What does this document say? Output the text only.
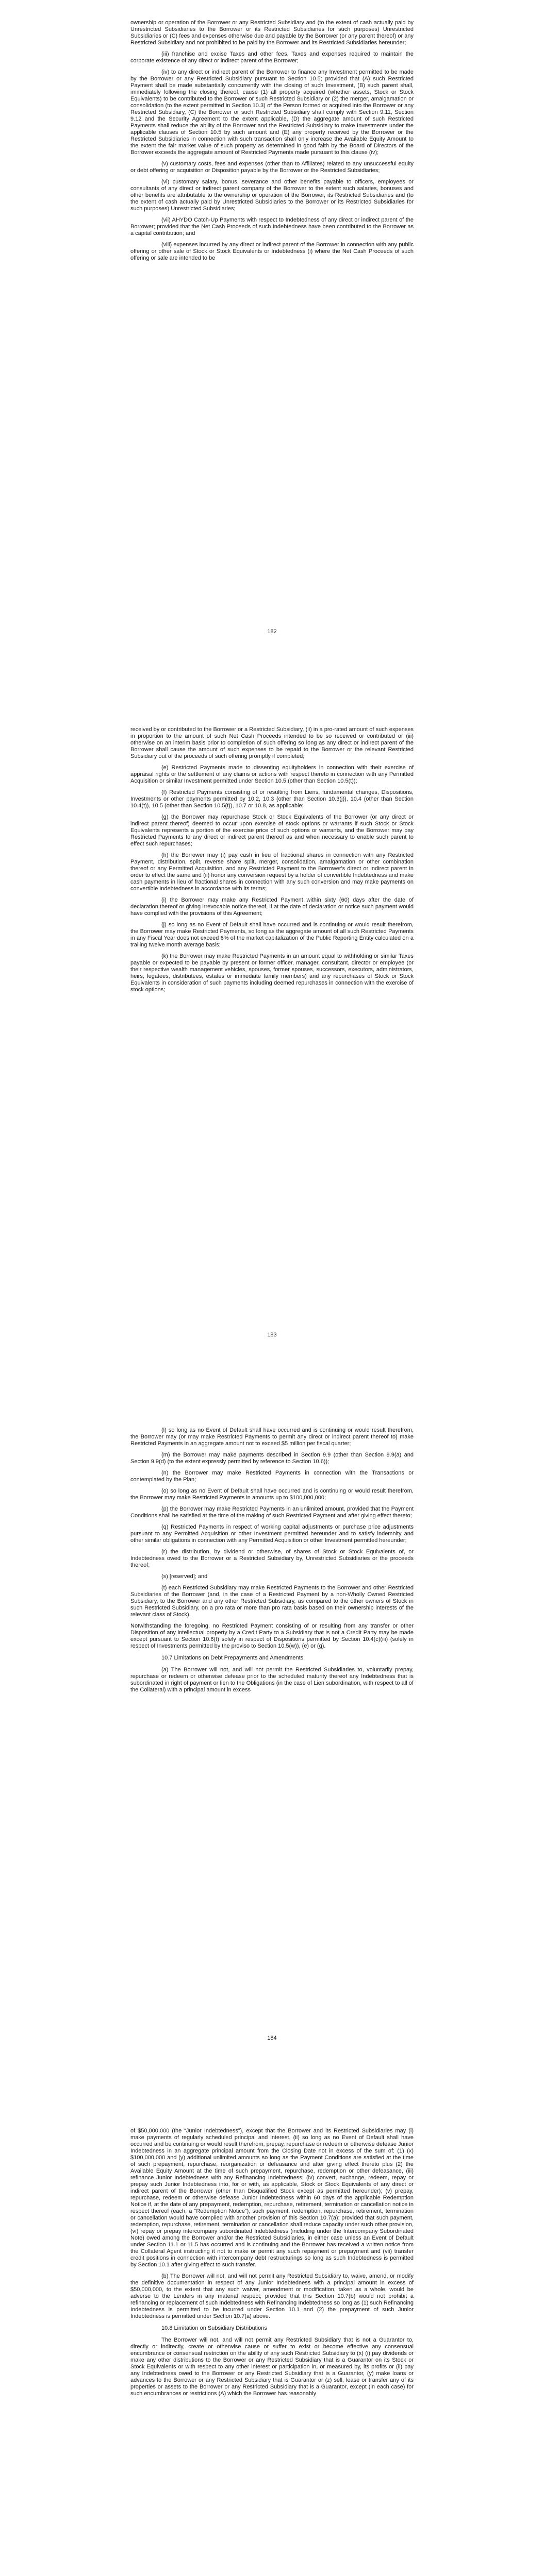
ownership or operation of the Borrower or any Restricted Subsidiary and (to the extent of cash actually paid by Unrestricted Subsidiaries to the Borrower or its Restricted Subsidiaries for such purposes) Unrestricted Subsidiaries or (C) fees and expenses otherwise due and payable by the Borrower (or any parent thereof) or any Restricted Subsidiary and not prohibited to be paid by the Borrower and its Restricted Subsidiaries hereunder;

(iii) franchise and excise Taxes and other fees, Taxes and expenses required to maintain the corporate existence of any direct or indirect parent of the Borrower;

(iv) to any direct or indirect parent of the Borrower to finance any Investment permitted to be made by the Borrower or any Restricted Subsidiary pursuant to Section 10.5; provided that (A) such Restricted Payment shall be made substantially concurrently with the closing of such Investment, (B) such parent shall, immediately following the closing thereof, cause (1) all property acquired (whether assets, Stock or Stock Equivalents) to be contributed to the Borrower or such Restricted Subsidiary or (2) the merger, amalgamation or consolidation (to the extent permitted in Section 10.3) of the Person formed or acquired into the Borrower or any Restricted Subsidiary, (C) the Borrower or such Restricted Subsidiary shall comply with Section 9.11, Section 9.12 and the Security Agreement to the extent applicable, (D) the aggregate amount of such Restricted Payments shall reduce the ability of the Borrower and the Restricted Subsidiary to make Investments under the applicable clauses of Section 10.5 by such amount and (E) any property received by the Borrower or the Restricted Subsidiaries in connection with such transaction shall only increase the Available Equity Amount to the extent the fair market value of such property as determined in good faith by the Board of Directors of the Borrower exceeds the aggregate amount of Restricted Payments made pursuant to this clause (iv);

(v) customary costs, fees and expenses (other than to Affiliates) related to any unsuccessful equity or debt offering or acquisition or Disposition payable by the Borrower or the Restricted Subsidiaries;

(vi) customary salary, bonus, severance and other benefits payable to officers, employees or consultants of any direct or indirect parent company of the Borrower to the extent such salaries, bonuses and other benefits are attributable to the ownership or operation of the Borrower, its Restricted Subsidiaries and (to the extent of cash actually paid by Unrestricted Subsidiaries to the Borrower or its Restricted Subsidiaries for such purposes) Unrestricted Subsidiaries;

(vii) AHYDO Catch-Up Payments with respect to Indebtedness of any direct or indirect parent of the Borrower; provided that the Net Cash Proceeds of such Indebtedness have been contributed to the Borrower as a capital contribution; and

(viii) expenses incurred by any direct or indirect parent of the Borrower in connection with any public offering or other sale of Stock or Stock Equivalents or Indebtedness (i) where the Net Cash Proceeds of such offering or sale are intended to be

182

received by or contributed to the Borrower or a Restricted Subsidiary, (ii) in a pro-rated amount of such expenses in proportion to the amount of such Net Cash Proceeds intended to be so received or contributed or (iii) otherwise on an interim basis prior to completion of such offering so long as any direct or indirect parent of the Borrower shall cause the amount of such expenses to be repaid to the Borrower or the relevant Restricted Subsidiary out of the proceeds of such offering promptly if completed;

(e) Restricted Payments made to dissenting equityholders in connection with their exercise of appraisal rights or the settlement of any claims or actions with respect thereto in connection with any Permitted Acquisition or similar Investment permitted under Section 10.5 (other than Section 10.5(t));

(f) Restricted Payments consisting of or resulting from Liens, fundamental changes, Dispositions, Investments or other payments permitted by 10.2, 10.3 (other than Section 10.3(j)), 10.4 (other than Section 10.4(t)), 10.5 (other than Section 10.5(t)), 10.7 or 10.8, as applicable;

(g) the Borrower may repurchase Stock or Stock Equivalents of the Borrower (or any direct or indirect parent thereof) deemed to occur upon exercise of stock options or warrants if such Stock or Stock Equivalents represents a portion of the exercise price of such options or warrants, and the Borrower may pay Restricted Payments to any direct or indirect parent thereof as and when necessary to enable such parent to effect such repurchases;

(h) the Borrower may (i) pay cash in lieu of fractional shares in connection with any Restricted Payment, distribution, split, reverse share split, merger, consolidation, amalgamation or other combination thereof or any Permitted Acquisition, and any Restricted Payment to the Borrower's direct or indirect parent in order to effect the same and (ii) honor any conversion request by a holder of convertible Indebtedness and make cash payments in lieu of fractional shares in connection with any such conversion and may make payments on convertible Indebtedness in accordance with its terms;

(i) the Borrower may make any Restricted Payment within sixty (60) days after the date of declaration thereof or giving irrevocable notice thereof, if at the date of declaration or notice such payment would have complied with the provisions of this Agreement;

(j) so long as no Event of Default shall have occurred and is continuing or would result therefrom, the Borrower may make Restricted Payments, so long as the aggregate amount of all such Restricted Payments in any Fiscal Year does not exceed 6% of the market capitalization of the Public Reporting Entity calculated on a trailing twelve month average basis;

(k) the Borrower may make Restricted Payments in an amount equal to withholding or similar Taxes payable or expected to be payable by present or former officer, manager, consultant, director or employee (or their respective wealth management vehicles, spouses, former spouses, successors, executors, administrators, heirs, legatees, distributees, estates or immediate family members) and any repurchases of Stock or Stock Equivalents in consideration of such payments including deemed repurchases in connection with the exercise of stock options;

183

(l) so long as no Event of Default shall have occurred and is continuing or would result therefrom, the Borrower may (or may make Restricted Payments to permit any direct or indirect parent thereof to) make Restricted Payments in an aggregate amount not to exceed $5 million per fiscal quarter;

(m) the Borrower may make payments described in Section 9.9 (other than Section 9.9(a) and Section 9.9(d) (to the extent expressly permitted by reference to Section 10.6));

(n) the Borrower may make Restricted Payments in connection with the Transactions or contemplated by the Plan;

(o) so long as no Event of Default shall have occurred and is continuing or would result therefrom, the Borrower may make Restricted Payments in amounts up to $100,000,000;

(p) the Borrower may make Restricted Payments in an unlimited amount, provided that the Payment Conditions shall be satisfied at the time of the making of such Restricted Payment and after giving effect thereto;

(q) Restricted Payments in respect of working capital adjustments or purchase price adjustments pursuant to any Permitted Acquisition or other Investment permitted hereunder and to satisfy indemnity and other similar obligations in connection with any Permitted Acquisition or other Investment permitted hereunder;

(r) the distribution, by dividend or otherwise, of shares of Stock or Stock Equivalents of, or Indebtedness owed to the Borrower or a Restricted Subsidiary by, Unrestricted Subsidiaries or the proceeds thereof;

(s) [reserved]; and

(t) each Restricted Subsidiary may make Restricted Payments to the Borrower and other Restricted Subsidiaries of the Borrower (and, in the case of a Restricted Payment by a non-Wholly Owned Restricted Subsidiary, to the Borrower and any other Restricted Subsidiary, as compared to the other owners of Stock in such Restricted Subsidiary, on a pro rata or more than pro rata basis based on their ownership interests of the relevant class of Stock).

Notwithstanding the foregoing, no Restricted Payment consisting of or resulting from any transfer or other Disposition of any intellectual property by a Credit Party to a Subsidiary that is not a Credit Party may be made except pursuant to Section 10.6(f) solely in respect of Dispositions permitted by Section 10.4(c)(iii) (solely in respect of Investments permitted by the proviso to Section 10.5(w)), (e) or (g).

10.7 Limitations on Debt Prepayments and Amendments

(a) The Borrower will not, and will not permit the Restricted Subsidiaries to, voluntarily prepay, repurchase or redeem or otherwise defease prior to the scheduled maturity thereof any Indebtedness that is subordinated in right of payment or lien to the Obligations (in the case of Lien subordination, with respect to all of the Collateral) with a principal amount in excess

184

of $50,000,000 (the “Junior Indebtedness”), except that the Borrower and its Restricted Subsidiaries may (i) make payments of regularly scheduled principal and interest, (ii) so long as no Event of Default shall have occurred and be continuing or would result therefrom, prepay, repurchase or redeem or otherwise defease Junior Indebtedness in an aggregate principal amount from the Closing Date not in excess of the sum of: (1) (x) $100,000,000 and (y) additional unlimited amounts so long as the Payment Conditions are satisfied at the time of such prepayment, repurchase, reorganization or defeasance and after giving effect thereto plus (2) the Available Equity Amount at the time of such prepayment, repurchase, redemption or other defeasance, (iii) refinance Junior Indebtedness with any Refinancing Indebtedness; (iv) convert, exchange, redeem, repay or prepay such Junior Indebtedness into, for or with, as applicable, Stock or Stock Equivalents of any direct or indirect parent of the Borrower (other than Disqualified Stock except as permitted hereunder); (v) prepay, repurchase, redeem or otherwise defease Junior Indebtedness within 60 days of the applicable Redemption Notice if, at the date of any prepayment, redemption, repurchase, retirement, termination or cancellation notice in respect thereof (each, a “Redemption Notice”), such payment, redemption, repurchase, retirement, termination or cancellation would have complied with another provision of this Section 10.7(a); provided that such payment, redemption, repurchase, retirement, termination or cancellation shall reduce capacity under such other provision, (vi) repay or prepay intercompany subordinated Indebtedness (including under the Intercompany Subordinated Note) owed among the Borrower and/or the Restricted Subsidiaries, in either case unless an Event of Default under Section 11.1 or 11.5 has occurred and is continuing and the Borrower has received a written notice from the Collateral Agent instructing it not to make or permit any such repayment or prepayment and (vii) transfer credit positions in connection with intercompany debt restructurings so long as such Indebtedness is permitted by Section 10.1 after giving effect to such transfer.

(b) The Borrower will not, and will not permit any Restricted Subsidiary to, waive, amend, or modify the definitive documentation in respect of any Junior Indebtedness with a principal amount in excess of $50,000,000, to the extent that any such waiver, amendment or modification, taken as a whole, would be adverse to the Lenders in any material respect; provided that this Section 10.7(b) would not prohibit a refinancing or replacement of such Indebtedness with Refinancing Indebtedness so long as (1) such Refinancing Indebtedness is permitted to be incurred under Section 10.1 and (2) the prepayment of such Junior Indebtedness is permitted under Section 10.7(a) above.

10.8 Limitation on Subsidiary Distributions

The Borrower will not, and will not permit any Restricted Subsidiary that is not a Guarantor to, directly or indirectly, create or otherwise cause or suffer to exist or become effective any consensual encumbrance or consensual restriction on the ability of any such Restricted Subsidiary to (x) (i) pay dividends or make any other distributions to the Borrower or any Restricted Subsidiary that is a Guarantor on its Stock or Stock Equivalents or with respect to any other interest or participation in, or measured by, its profits or (ii) pay any Indebtedness owed to the Borrower or any Restricted Subsidiary that is a Guarantor, (y) make loans or advances to the Borrower or any Restricted Subsidiary that is Guarantor or (z) sell, lease or transfer any of its properties or assets to the Borrower or any Restricted Subsidiary that is a Guarantor, except (in each case) for such encumbrances or restrictions (A) which the Borrower has reasonably
